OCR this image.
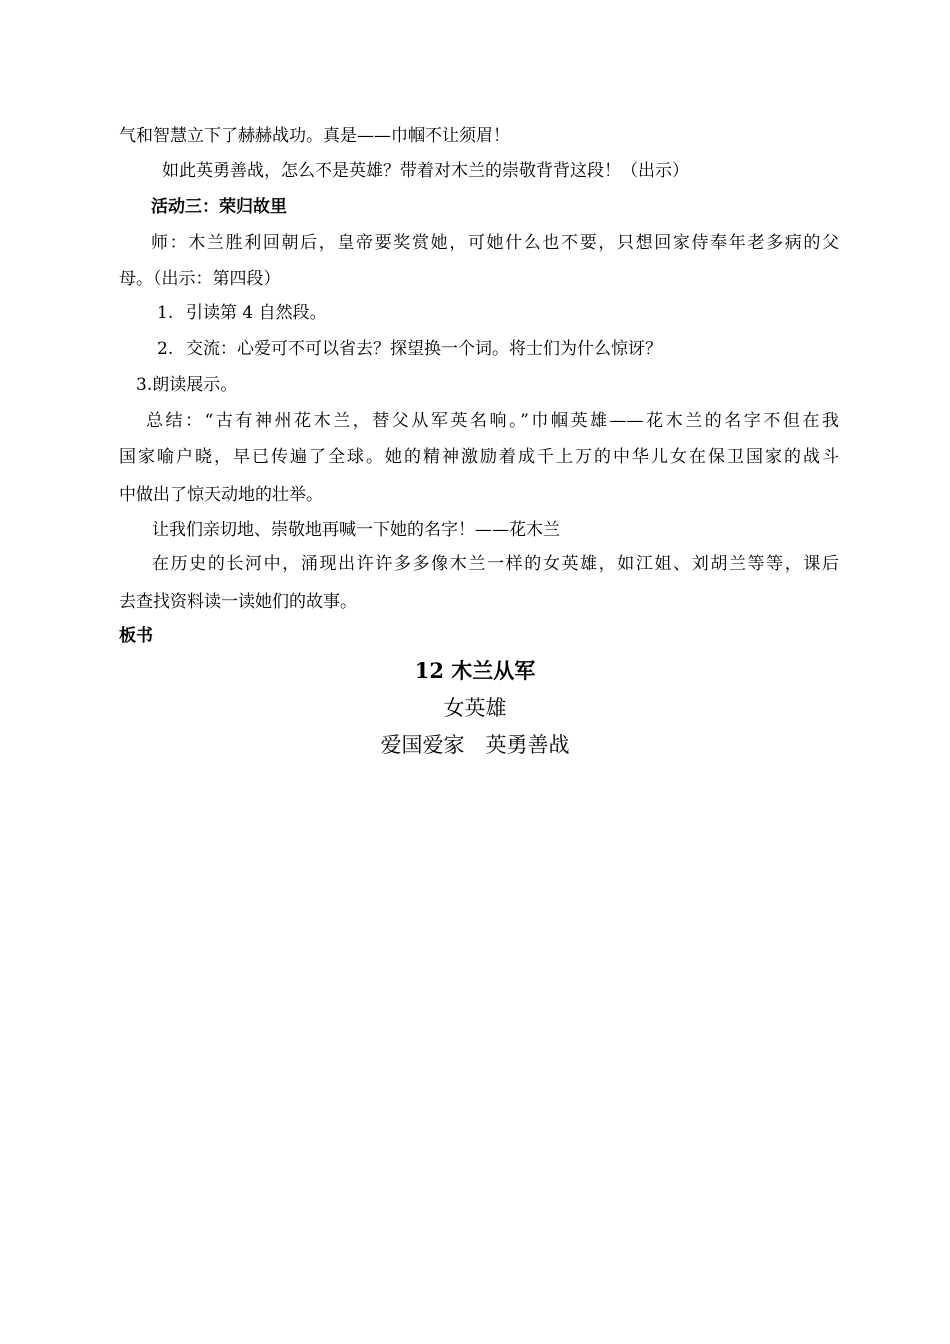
气和智慧立下了赫赫战功。真是——巾帼不让须眉！
如此英勇善战，怎么不是英雄？带着对木兰的崇敬背背这段！（出示）
活动三：荣归故里
师：木兰胜利回朝后，皇帝要奖赏她，可她什么也不要，只想回家侍奉年老多病的父
母。（出示：第四段）
1. 引读第 4 自然段。
2. 交流：心爱可不可以省去？探望换一个词。将士们为什么惊讶？
3.朗读展示。
总结：“古有神州花木兰，替父从军英名响。”巾帼英雄——花木兰的名字不但在我
国家喻户晓，早已传遍了全球。她的精神激励着成千上万的中华儿女在保卫国家的战斗
中做出了惊天动地的壮举。
让我们亲切地、崇敬地再喊一下她的名字！——花木兰
在历史的长河中，涌现出许许多多像木兰一样的女英雄，如江姐、刘胡兰等等，课后
去查找资料读一读她们的故事。
板书
12 木兰从军
女英雄
爱国爱家　英勇善战
